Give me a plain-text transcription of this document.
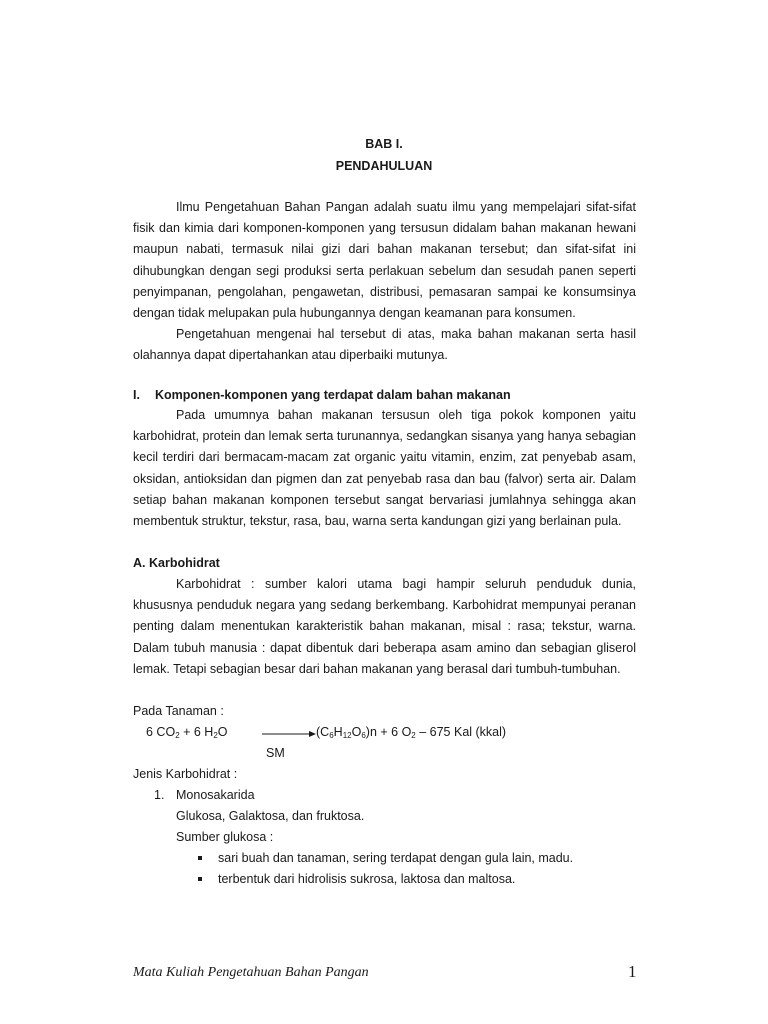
BAB I.
PENDAHULUAN

Ilmu Pengetahuan Bahan Pangan adalah suatu ilmu yang mempelajari sifat-sifat fisik dan kimia dari komponen-komponen yang tersusun didalam bahan makanan hewani maupun nabati, termasuk nilai gizi dari bahan makanan tersebut; dan sifat-sifat ini dihubungkan dengan segi produksi serta perlakuan sebelum dan sesudah panen seperti penyimpanan, pengolahan, pengawetan, distribusi, pemasaran sampai ke konsumsinya dengan tidak melupakan pula hubungannya dengan keamanan para konsumen.

Pengetahuan mengenai hal tersebut di atas, maka bahan makanan serta hasil olahannya dapat dipertahankan atau diperbaiki mutunya.

I. Komponen-komponen yang terdapat dalam bahan makanan

Pada umumnya bahan makanan tersusun oleh tiga pokok komponen yaitu karbohidrat, protein dan lemak serta turunannya, sedangkan sisanya yang hanya sebagian kecil terdiri dari bermacam-macam zat organic yaitu vitamin, enzim, zat penyebab asam, oksidan, antioksidan dan pigmen dan zat penyebab rasa dan bau (falvor) serta air. Dalam setiap bahan makanan komponen tersebut sangat bervariasi jumlahnya sehingga akan membentuk struktur, tekstur, rasa, bau, warna serta kandungan gizi yang berlainan pula.

A. Karbohidrat

Karbohidrat : sumber kalori utama bagi hampir seluruh penduduk dunia, khususnya penduduk negara yang sedang berkembang. Karbohidrat mempunyai peranan penting dalam menentukan karakteristik bahan makanan, misal : rasa; tekstur, warna. Dalam tubuh manusia : dapat dibentuk dari beberapa asam amino dan sebagian gliserol lemak. Tetapi sebagian besar dari bahan makanan yang berasal dari tumbuh-tumbuhan.

Pada Tanaman :
6 $CO_2 + 6$ $H_2O$	$(C_6H_{12}O_6)n + 6$ $O_2 - 675$ Kal (kkal)
SM
Jenis Karbohidrat :
1. Monosakarida
Glukosa, Galaktosa, dan fruktosa.
Sumber glukosa :
sari buah dan tanaman, sering terdapat dengan gula lain, madu.
terbentuk dari hidrolisis sukrosa, laktosa dan maltosa.
Mata Kuliah Pengetahuan Bahan Pangan	1
